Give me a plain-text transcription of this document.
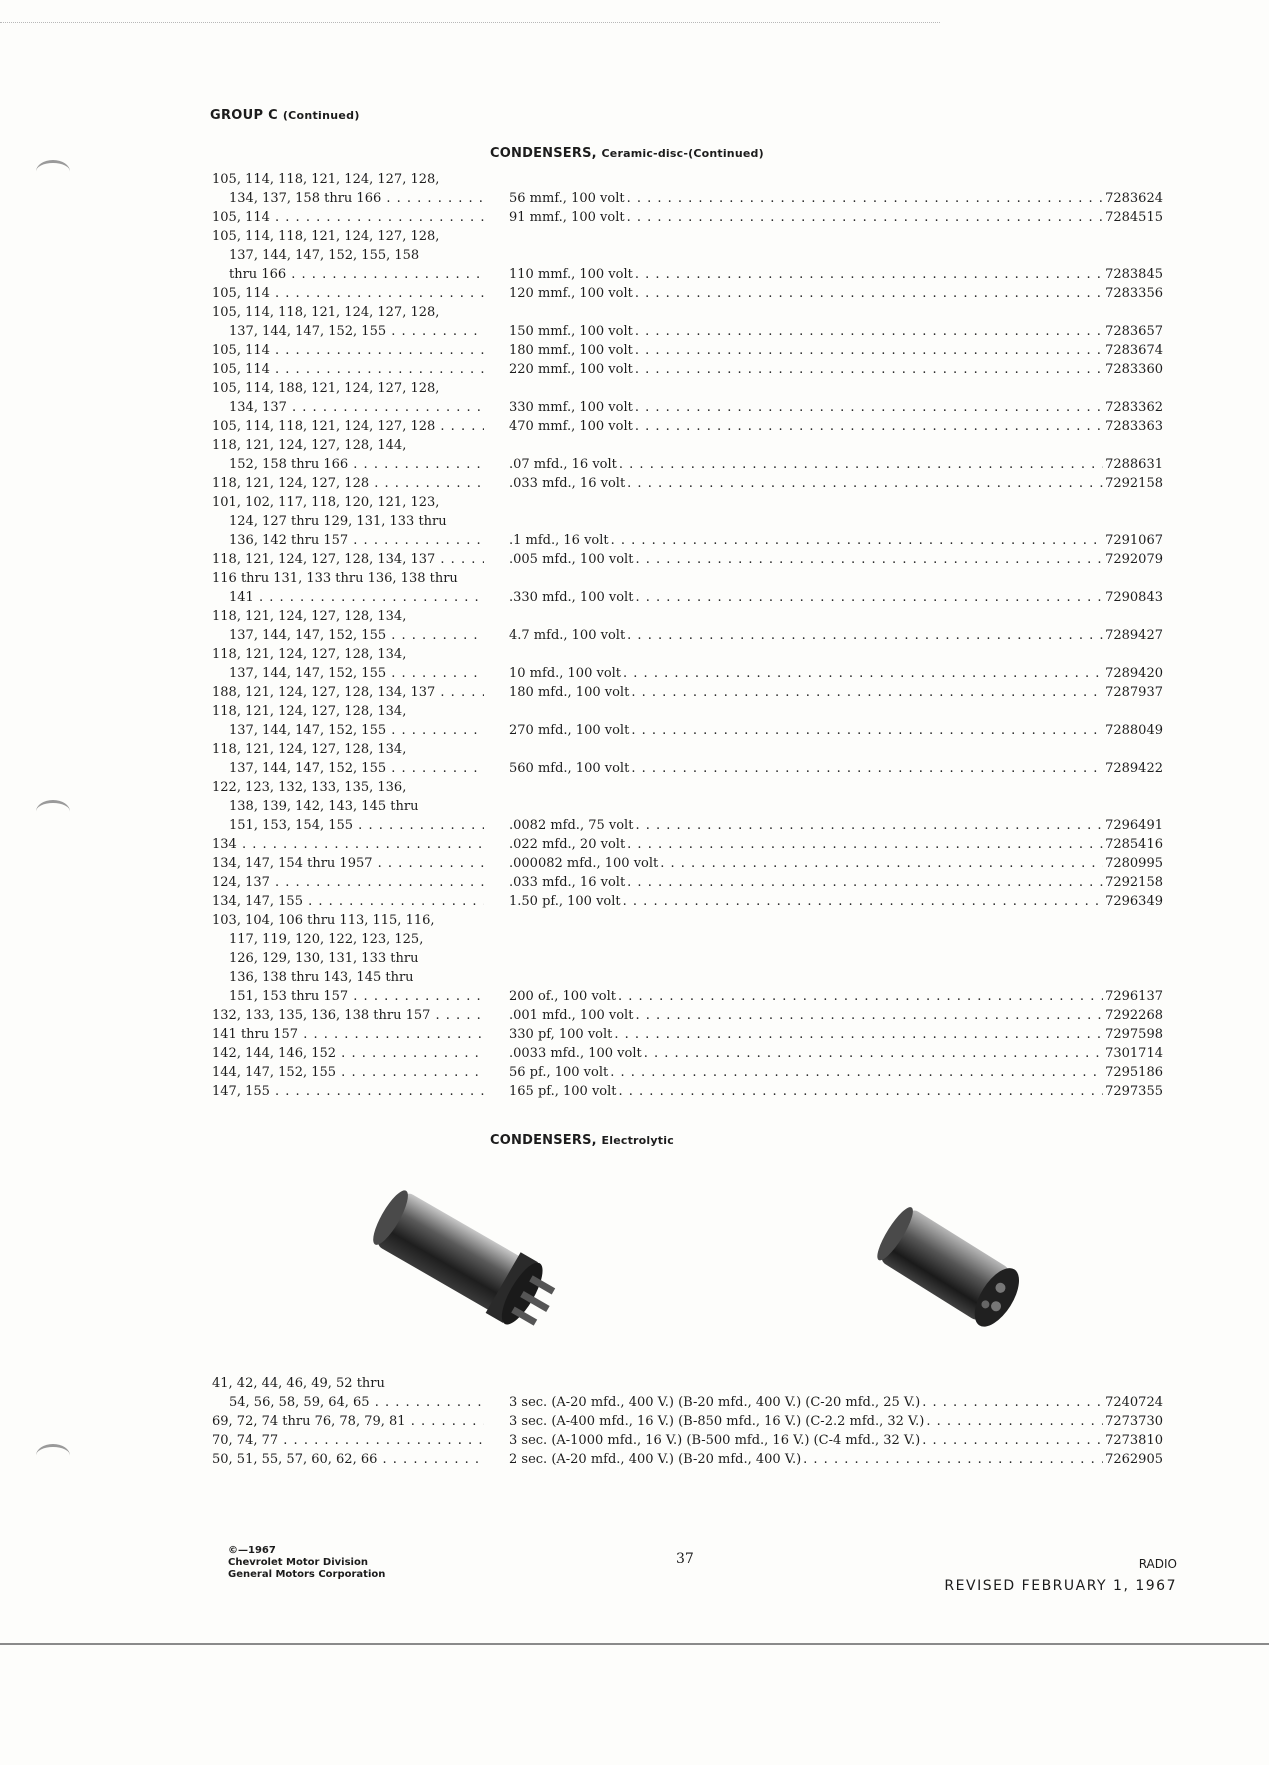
GROUP C (Continued)
CONDENSERS, Ceramic-disc-(Continued)
105, 114, 118, 121, 124, 127, 128,
134, 137, 158 thru 166 . . .	56 mmf., 100 volt . . .	7283624
105, 114 . . .	91 mmf., 100 volt . . .	7284515
105, 114, 118, 121, 124, 127, 128,
137, 144, 147, 152, 155, 158
thru 166 . . .	110 mmf., 100 volt . . .	7283845
105, 114 . . .	120 mmf., 100 volt . . .	7283356
105, 114, 118, 121, 124, 127, 128,
137, 144, 147, 152, 155 . . .	150 mmf., 100 volt . . .	7283657
105, 114 . . .	180 mmf., 100 volt . . .	7283674
105, 114 . . .	220 mmf., 100 volt . . .	7283360
105, 114, 188, 121, 124, 127, 128,
134, 137 . . .	330 mmf., 100 volt . . .	7283362
105, 114, 118, 121, 124, 127, 128 . . .	470 mmf., 100 volt . . .	7283363
118, 121, 124, 127, 128, 144,
152, 158 thru 166 . . .	.07 mfd., 16 volt . . .	7288631
118, 121, 124, 127, 128 . . .	.033 mfd., 16 volt . . .	7292158
101, 102, 117, 118, 120, 121, 123,
124, 127 thru 129, 131, 133 thru
136, 142 thru 157 . . .	.1 mfd., 16 volt . . .	7291067
118, 121, 124, 127, 128, 134, 137 . . .	.005 mfd., 100 volt . . .	7292079
116 thru 131, 133 thru 136, 138 thru
141 . . .	.330 mfd., 100 volt . . .	7290843
118, 121, 124, 127, 128, 134,
137, 144, 147, 152, 155 . . .	4.7 mfd., 100 volt . . .	7289427
118, 121, 124, 127, 128, 134,
137, 144, 147, 152, 155 . . .	10 mfd., 100 volt . . .	7289420
188, 121, 124, 127, 128, 134, 137 . . .	180 mfd., 100 volt . . .	7287937
118, 121, 124, 127, 128, 134,
137, 144, 147, 152, 155 . . .	270 mfd., 100 volt . . .	7288049
118, 121, 124, 127, 128, 134,
137, 144, 147, 152, 155 . . .	560 mfd., 100 volt . . .	7289422
122, 123, 132, 133, 135, 136,
138, 139, 142, 143, 145 thru
151, 153, 154, 155 . . .	.0082 mfd., 75 volt . . .	7296491
134 . . .	.022 mfd., 20 volt . . .	7285416
134, 147, 154 thru 1957 . . .	.000082 mfd., 100 volt . . .	7280995
124, 137 . . .	.033 mfd., 16 volt . . .	7292158
134, 147, 155 . . .	1.50 pf., 100 volt . . .	7296349
103, 104, 106 thru 113, 115, 116,
117, 119, 120, 122, 123, 125,
126, 129, 130, 131, 133 thru
136, 138 thru 143, 145 thru
151, 153 thru 157 . . .	200 of., 100 volt . . .	7296137
132, 133, 135, 136, 138 thru 157 . . .	.001 mfd., 100 volt . . .	7292268
141 thru 157 . . .	330 pf, 100 volt . . .	7297598
142, 144, 146, 152 . . .	.0033 mfd., 100 volt . . .	7301714
144, 147, 152, 155 . . .	56 pf., 100 volt . . .	7295186
147, 155 . . .	165 pf., 100 volt . . .	7297355
CONDENSERS, Electrolytic
41, 42, 44, 46, 49, 52 thru
54, 56, 58, 59, 64, 65 . . .	3 sec. (A-20 mfd., 400 V.) (B-20 mfd., 400 V.) (C-20 mfd., 25 V.) . . .	7240724
69, 72, 74 thru 76, 78, 79, 81 . . .	3 sec. (A-400 mfd., 16 V.) (B-850 mfd., 16 V.) (C-2.2 mfd., 32 V.) . . .	7273730
70, 74, 77 . . .	3 sec. (A-1000 mfd., 16 V.) (B-500 mfd., 16 V.) (C-4 mfd., 32 V.) . . .	7273810
50, 51, 55, 57, 60, 62, 66 . . .	2 sec. (A-20 mfd., 400 V.) (B-20 mfd., 400 V.) . . .	7262905
©—1967
Chevrolet Motor Division
General Motors Corporation
37	RADIO
REVISED FEBRUARY 1, 1967
